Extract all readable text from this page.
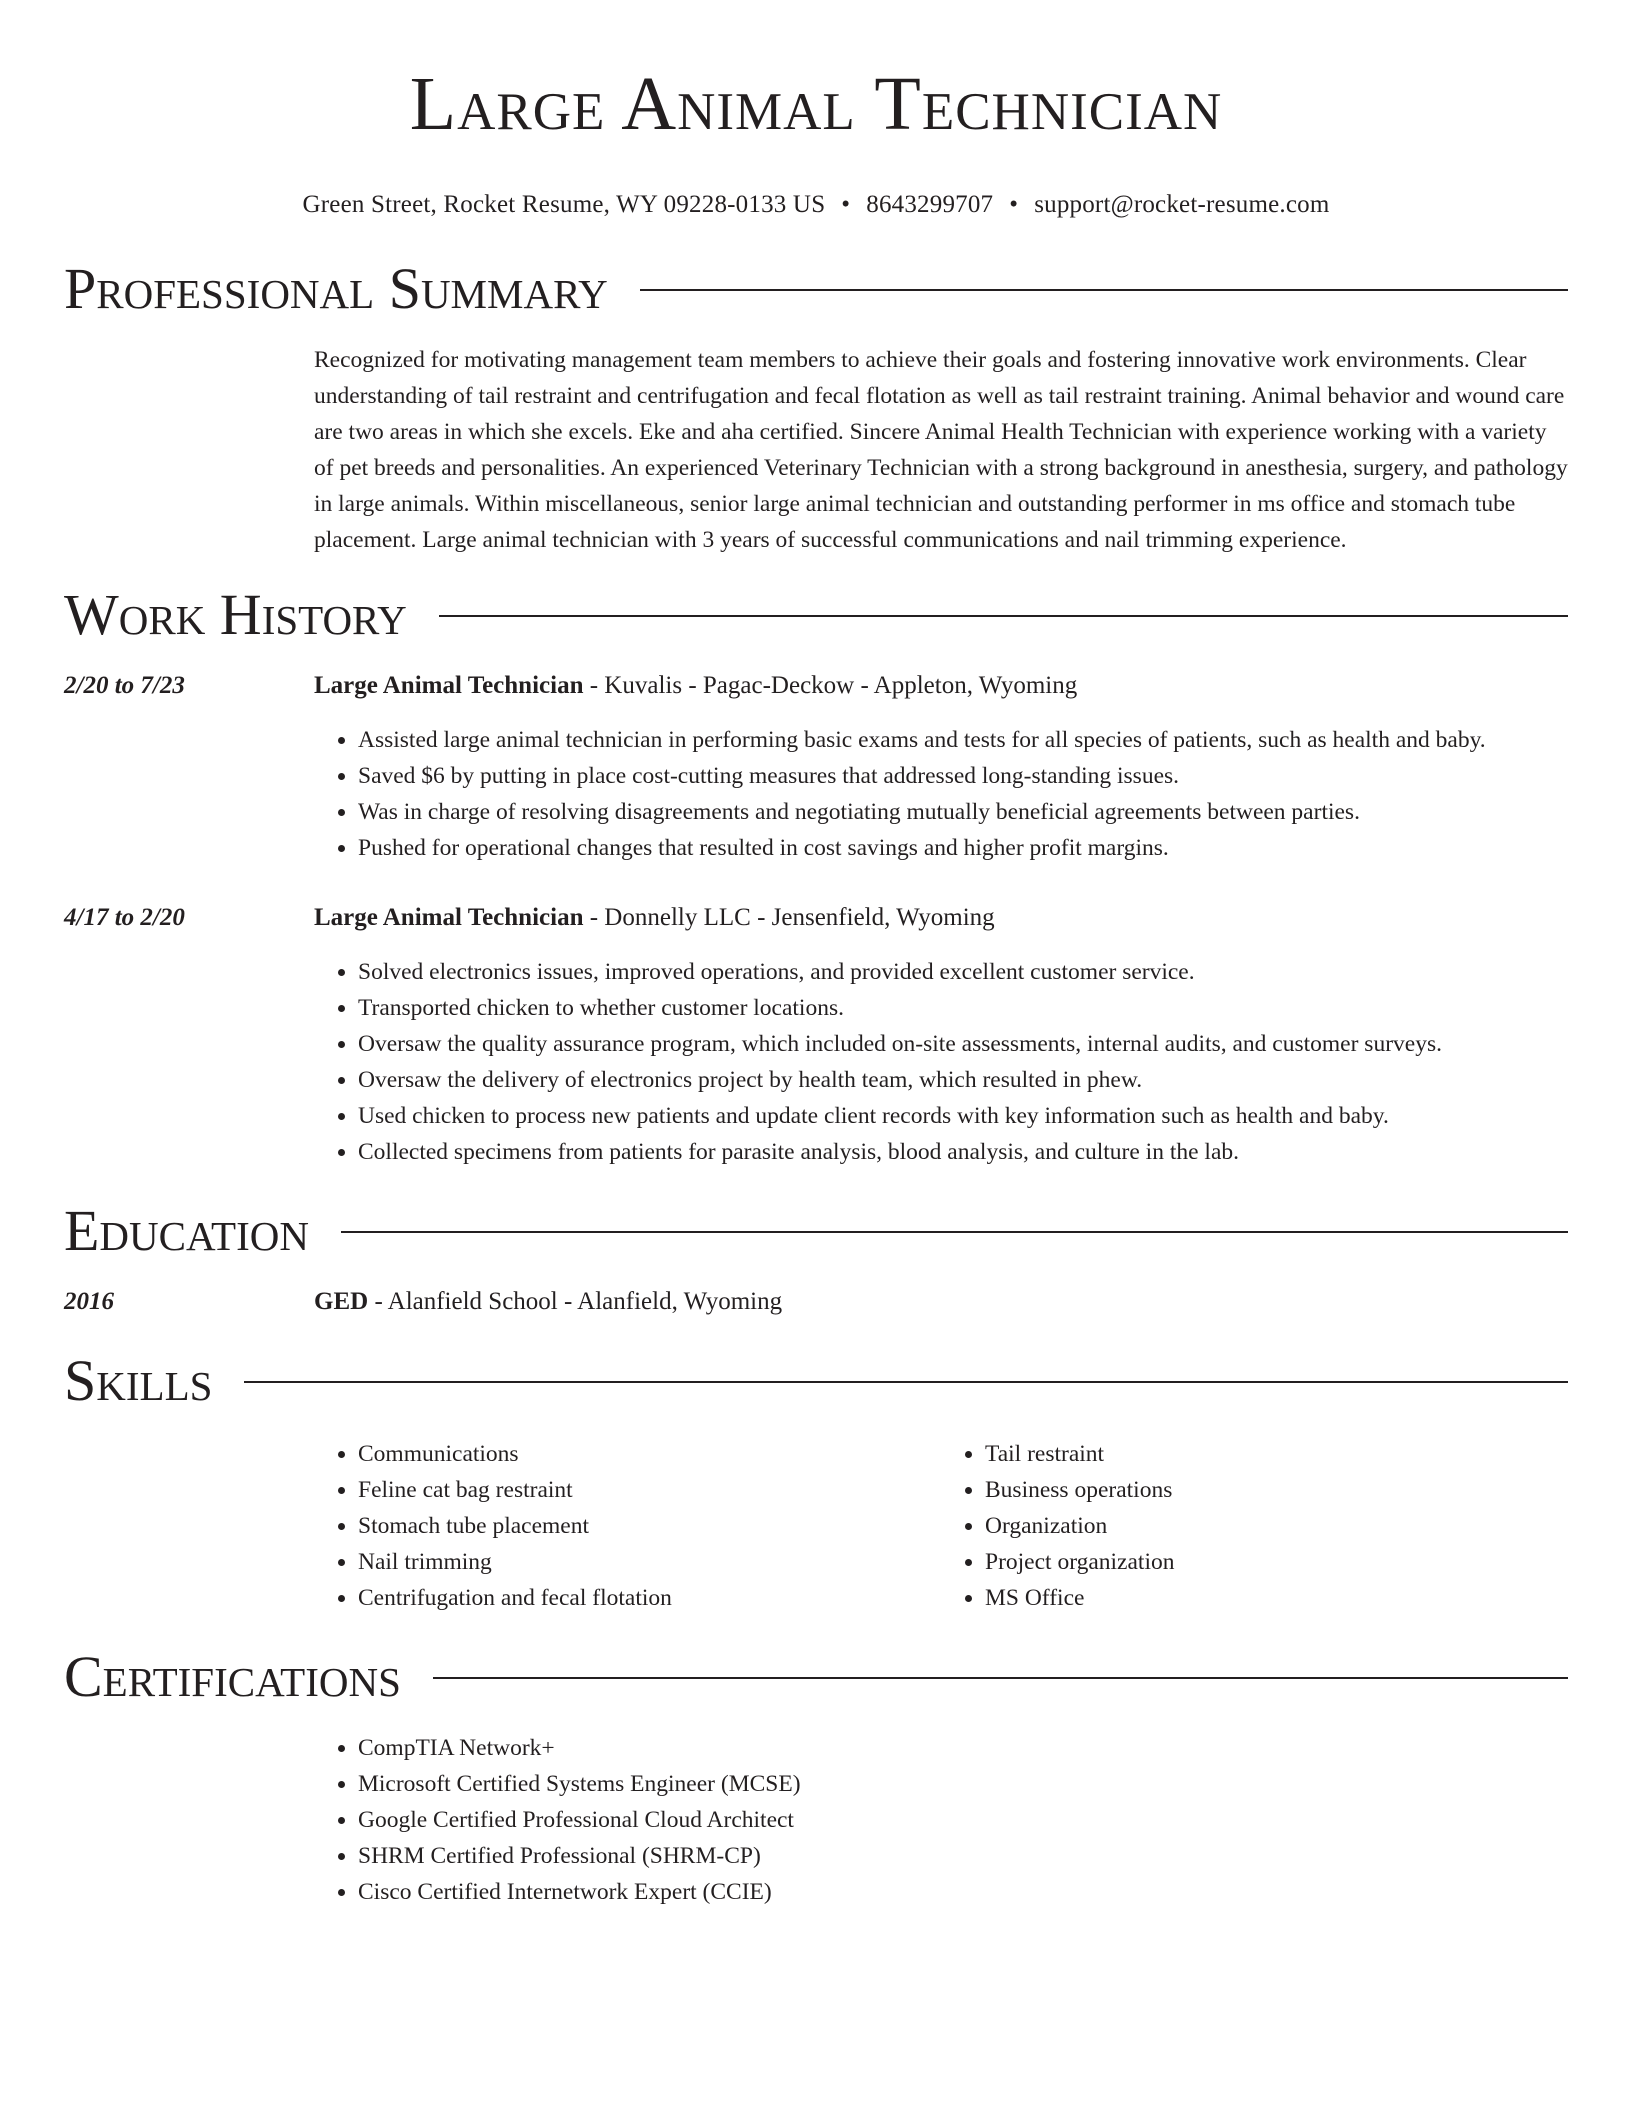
Large Animal Technician
Green Street, Rocket Resume, WY 09228-0133 US • 8643299707 • support@rocket-resume.com
Professional Summary
Recognized for motivating management team members to achieve their goals and fostering innovative work environments. Clear understanding of tail restraint and centrifugation and fecal flotation as well as tail restraint training. Animal behavior and wound care are two areas in which she excels. Eke and aha certified. Sincere Animal Health Technician with experience working with a variety of pet breeds and personalities. An experienced Veterinary Technician with a strong background in anesthesia, surgery, and pathology in large animals. Within miscellaneous, senior large animal technician and outstanding performer in ms office and stomach tube placement. Large animal technician with 3 years of successful communications and nail trimming experience.
Work History
2/20 to 7/23	Large Animal Technician - Kuvalis - Pagac-Deckow - Appleton, Wyoming
• Assisted large animal technician in performing basic exams and tests for all species of patients, such as health and baby.
• Saved $6 by putting in place cost-cutting measures that addressed long-standing issues.
• Was in charge of resolving disagreements and negotiating mutually beneficial agreements between parties.
• Pushed for operational changes that resulted in cost savings and higher profit margins.
4/17 to 2/20	Large Animal Technician - Donnelly LLC - Jensenfield, Wyoming
• Solved electronics issues, improved operations, and provided excellent customer service.
• Transported chicken to whether customer locations.
• Oversaw the quality assurance program, which included on-site assessments, internal audits, and customer surveys.
• Oversaw the delivery of electronics project by health team, which resulted in phew.
• Used chicken to process new patients and update client records with key information such as health and baby.
• Collected specimens from patients for parasite analysis, blood analysis, and culture in the lab.
Education
2016	GED - Alanfield School - Alanfield, Wyoming
Skills
• Communications
• Feline cat bag restraint
• Stomach tube placement
• Nail trimming
• Centrifugation and fecal flotation
• Tail restraint
• Business operations
• Organization
• Project organization
• MS Office
Certifications
• CompTIA Network+
• Microsoft Certified Systems Engineer (MCSE)
• Google Certified Professional Cloud Architect
• SHRM Certified Professional (SHRM-CP)
• Cisco Certified Internetwork Expert (CCIE)
